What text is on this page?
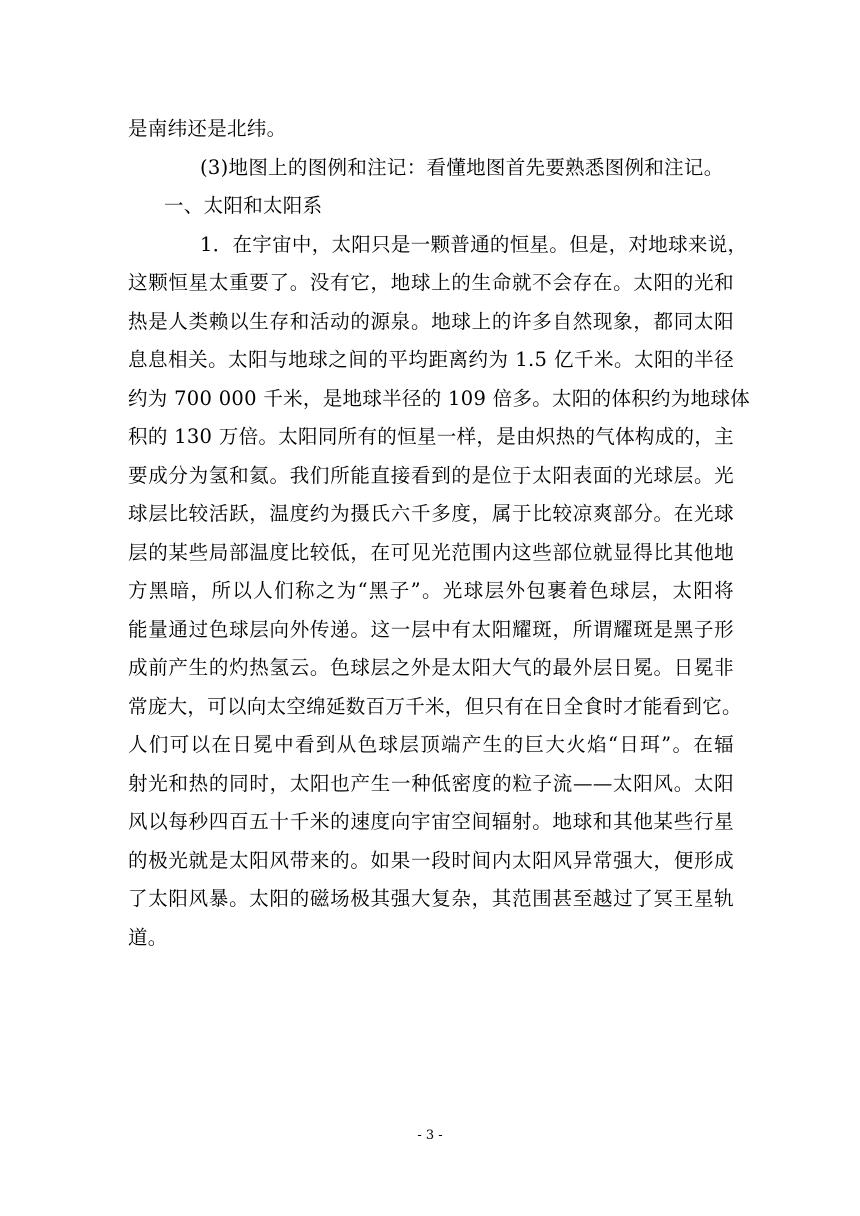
是南纬还是北纬。
(3)地图上的图例和注记：看懂地图首先要熟悉图例和注记。
一、太阳和太阳系
1．在宇宙中，太阳只是一颗普通的恒星。但是，对地球来说，
这颗恒星太重要了。没有它，地球上的生命就不会存在。太阳的光和
热是人类赖以生存和活动的源泉。地球上的许多自然现象，都同太阳
息息相关。太阳与地球之间的平均距离约为 1.5 亿千米。太阳的半径
约为 700 000 千米，是地球半径的 109 倍多。太阳的体积约为地球体
积的 130 万倍。太阳同所有的恒星一样，是由炽热的气体构成的，主
要成分为氢和氦。我们所能直接看到的是位于太阳表面的光球层。光
球层比较活跃，温度约为摄氏六千多度，属于比较凉爽部分。在光球
层的某些局部温度比较低，在可见光范围内这些部位就显得比其他地
方黑暗，所以人们称之为“黑子”。光球层外包裹着色球层，太阳将
能量通过色球层向外传递。这一层中有太阳耀斑，所谓耀斑是黑子形
成前产生的灼热氢云。色球层之外是太阳大气的最外层日冕。日冕非
常庞大，可以向太空绵延数百万千米，但只有在日全食时才能看到它。
人们可以在日冕中看到从色球层顶端产生的巨大火焰“日珥”。在辐
射光和热的同时，太阳也产生一种低密度的粒子流——太阳风。太阳
风以每秒四百五十千米的速度向宇宙空间辐射。地球和其他某些行星
的极光就是太阳风带来的。如果一段时间内太阳风异常强大，便形成
了太阳风暴。太阳的磁场极其强大复杂，其范围甚至越过了冥王星轨
道。
- 3 -
